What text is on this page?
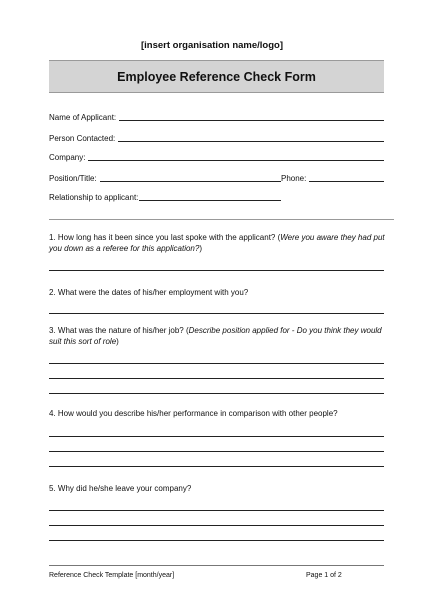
[insert organisation name/logo]
Employee Reference Check Form
Name of Applicant:
Person Contacted:
Company:
Position/Title:	Phone:
Relationship to applicant:
1. How long has it been since you last spoke with the applicant? (Were you aware they had put you down as a referee for this application?)
2. What were the dates of his/her employment with you?
3. What was the nature of his/her job? (Describe position applied for - Do you think they would suit this sort of role)
4. How would you describe his/her performance in comparison with other people?
5. Why did he/she leave your company?
Reference Check Template [month/year]	Page 1 of 2
